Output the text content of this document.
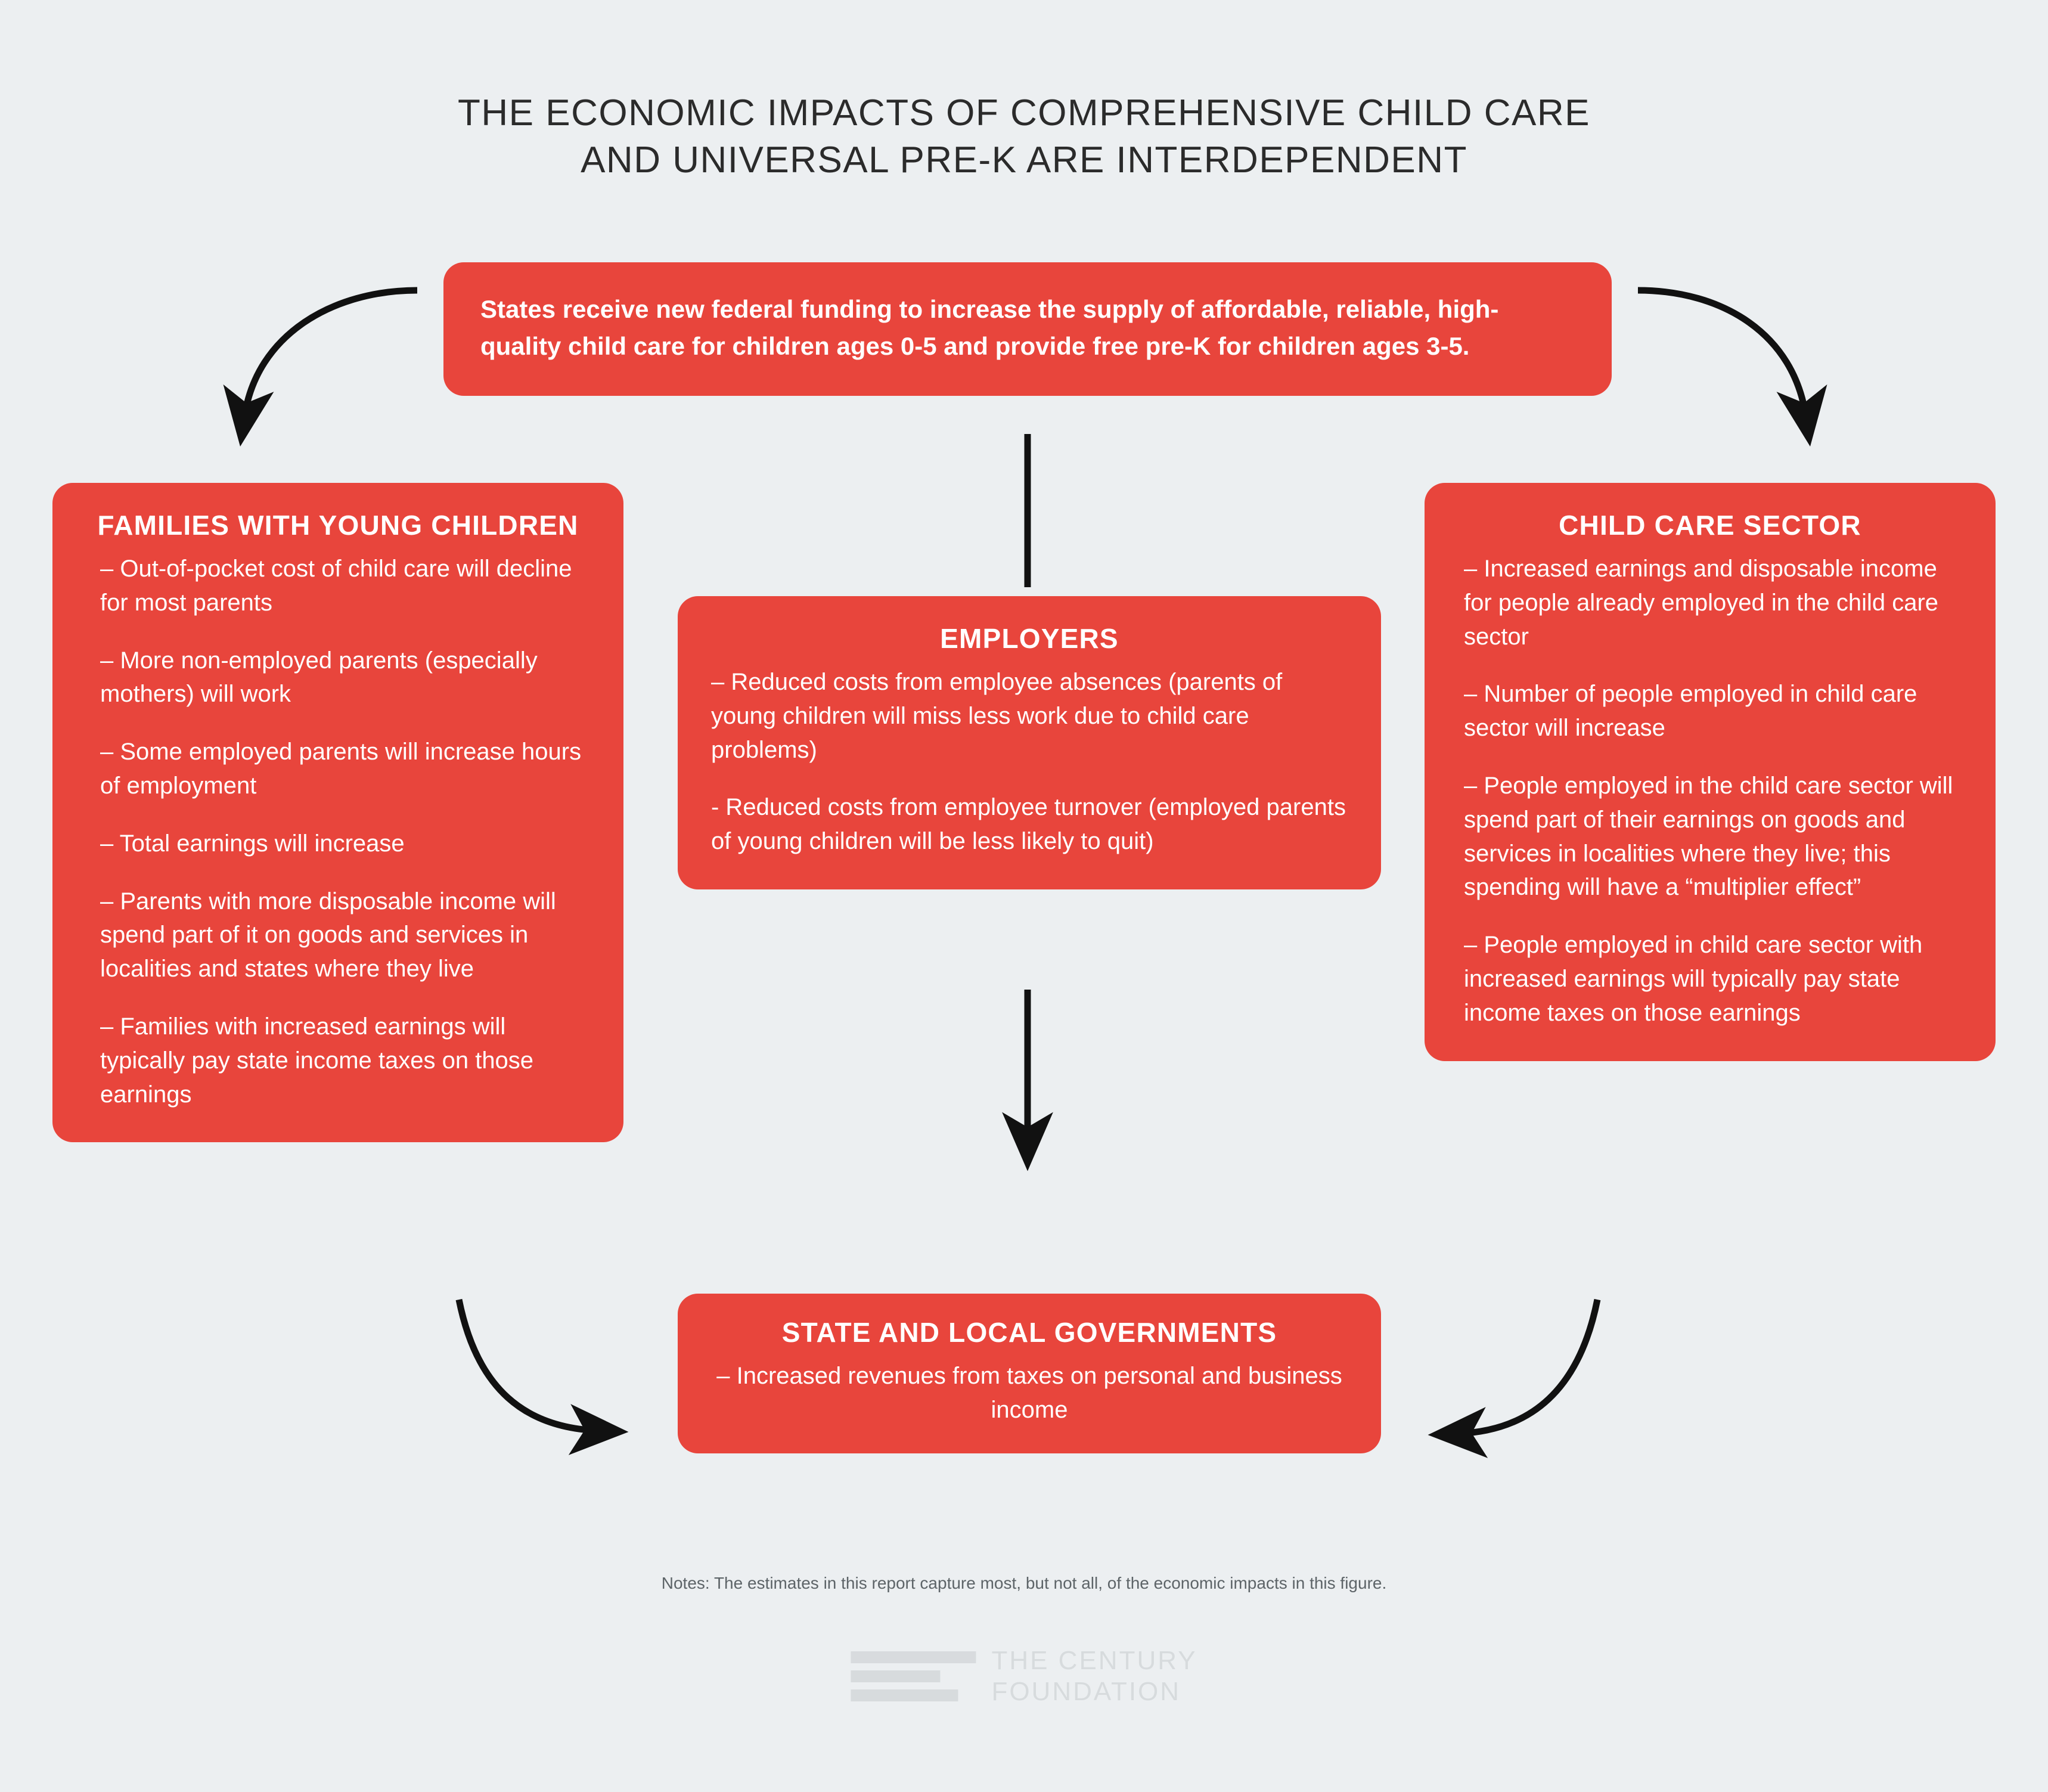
THE ECONOMIC IMPACTS OF COMPREHENSIVE CHILD CARE
AND UNIVERSAL PRE-K ARE INTERDEPENDENT

States receive new federal funding to increase the supply of affordable, reliable, high-quality child care for children ages 0-5 and provide free pre-K for children ages 3-5.

FAMILIES WITH YOUNG CHILDREN

– Out-of-pocket cost of child care will decline for most parents

– More non-employed parents (especially mothers) will work

– Some employed parents will increase hours of employment

– Total earnings will increase

– Parents with more disposable income will spend part of it on goods and services in localities and states where they live

– Families with increased earnings will typically pay state income taxes on those earnings

EMPLOYERS

– Reduced costs from employee absences (parents of young children will miss less work due to child care problems)

- Reduced costs from employee turnover (employed parents of young children will be less likely to quit)

CHILD CARE SECTOR

– Increased earnings and disposable income for people already employed in the child care sector

– Number of people employed in child care sector will increase

– People employed in the child care sector will spend part of their earnings on goods and services in localities where they live; this spending will have a “multiplier effect”

– People employed in child care sector with increased earnings will typically pay state income taxes on those earnings

STATE AND LOCAL GOVERNMENTS

– Increased revenues from taxes on personal and business income

Notes: The estimates in this report capture most, but not all, of the economic impacts in this figure.
THE CENTURY
FOUNDATION
